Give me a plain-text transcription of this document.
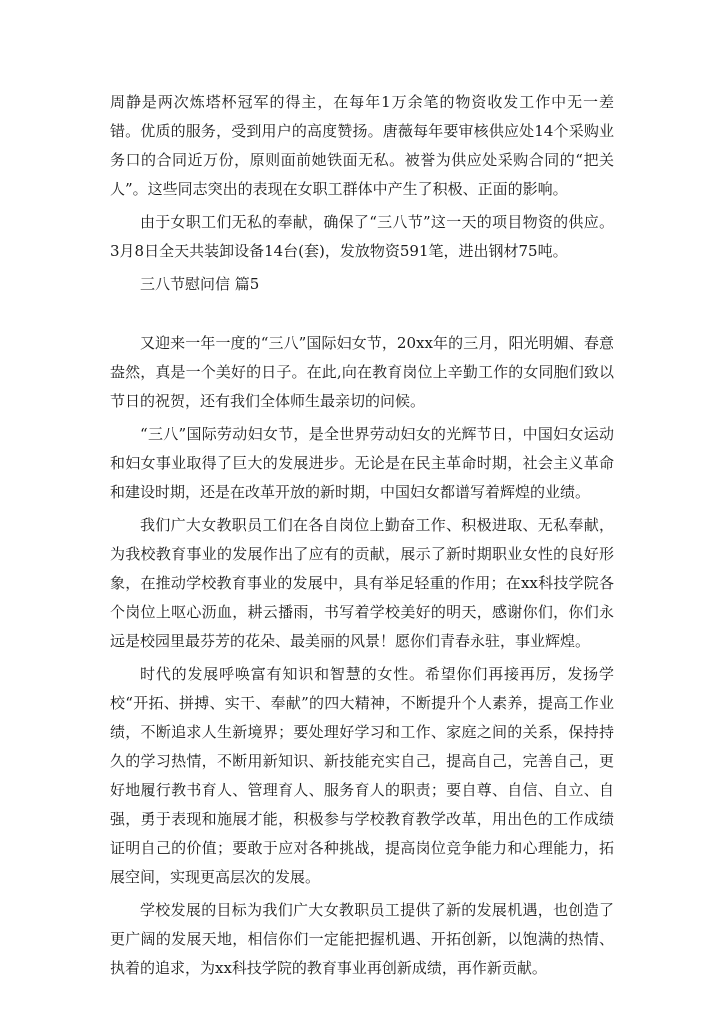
周静是两次炼塔杯冠军的得主，在每年1万余笔的物资收发工作中无一差错。优质的服务，受到用户的高度赞扬。唐薇每年要审核供应处14个采购业务口的合同近万份，原则面前她铁面无私。被誉为供应处采购合同的“把关人”。这些同志突出的表现在女职工群体中产生了积极、正面的影响。

由于女职工们无私的奉献，确保了“三八节”这一天的项目物资的供应。3月8日全天共装卸设备14台(套)，发放物资591笔，进出钢材75吨。

三八节慰问信 篇5

又迎来一年一度的“三八”国际妇女节，20xx年的三月，阳光明媚、春意盎然，真是一个美好的日子。在此,向在教育岗位上辛勤工作的女同胞们致以节日的祝贺，还有我们全体师生最亲切的问候。

“三八”国际劳动妇女节，是全世界劳动妇女的光辉节日，中国妇女运动和妇女事业取得了巨大的发展进步。无论是在民主革命时期，社会主义革命和建设时期，还是在改革开放的新时期，中国妇女都谱写着辉煌的业绩。

我们广大女教职员工们在各自岗位上勤奋工作、积极进取、无私奉献，为我校教育事业的发展作出了应有的贡献，展示了新时期职业女性的良好形象，在推动学校教育事业的发展中，具有举足轻重的作用；在xx科技学院各个岗位上呕心沥血，耕云播雨，书写着学校美好的明天，感谢你们，你们永远是校园里最芬芳的花朵、最美丽的风景！愿你们青春永驻，事业辉煌。

时代的发展呼唤富有知识和智慧的女性。希望你们再接再厉，发扬学校“开拓、拼搏、实干、奉献”的四大精神，不断提升个人素养，提高工作业绩，不断追求人生新境界；要处理好学习和工作、家庭之间的关系，保持持久的学习热情，不断用新知识、新技能充实自己，提高自己，完善自己，更好地履行教书育人、管理育人、服务育人的职责；要自尊、自信、自立、自强，勇于表现和施展才能，积极参与学校教育教学改革，用出色的工作成绩证明自己的价值；要敢于应对各种挑战，提高岗位竞争能力和心理能力，拓展空间，实现更高层次的发展。

学校发展的目标为我们广大女教职员工提供了新的发展机遇，也创造了更广阔的发展天地，相信你们一定能把握机遇、开拓创新，以饱满的热情、执着的追求，为xx科技学院的教育事业再创新成绩，再作新贡献。
